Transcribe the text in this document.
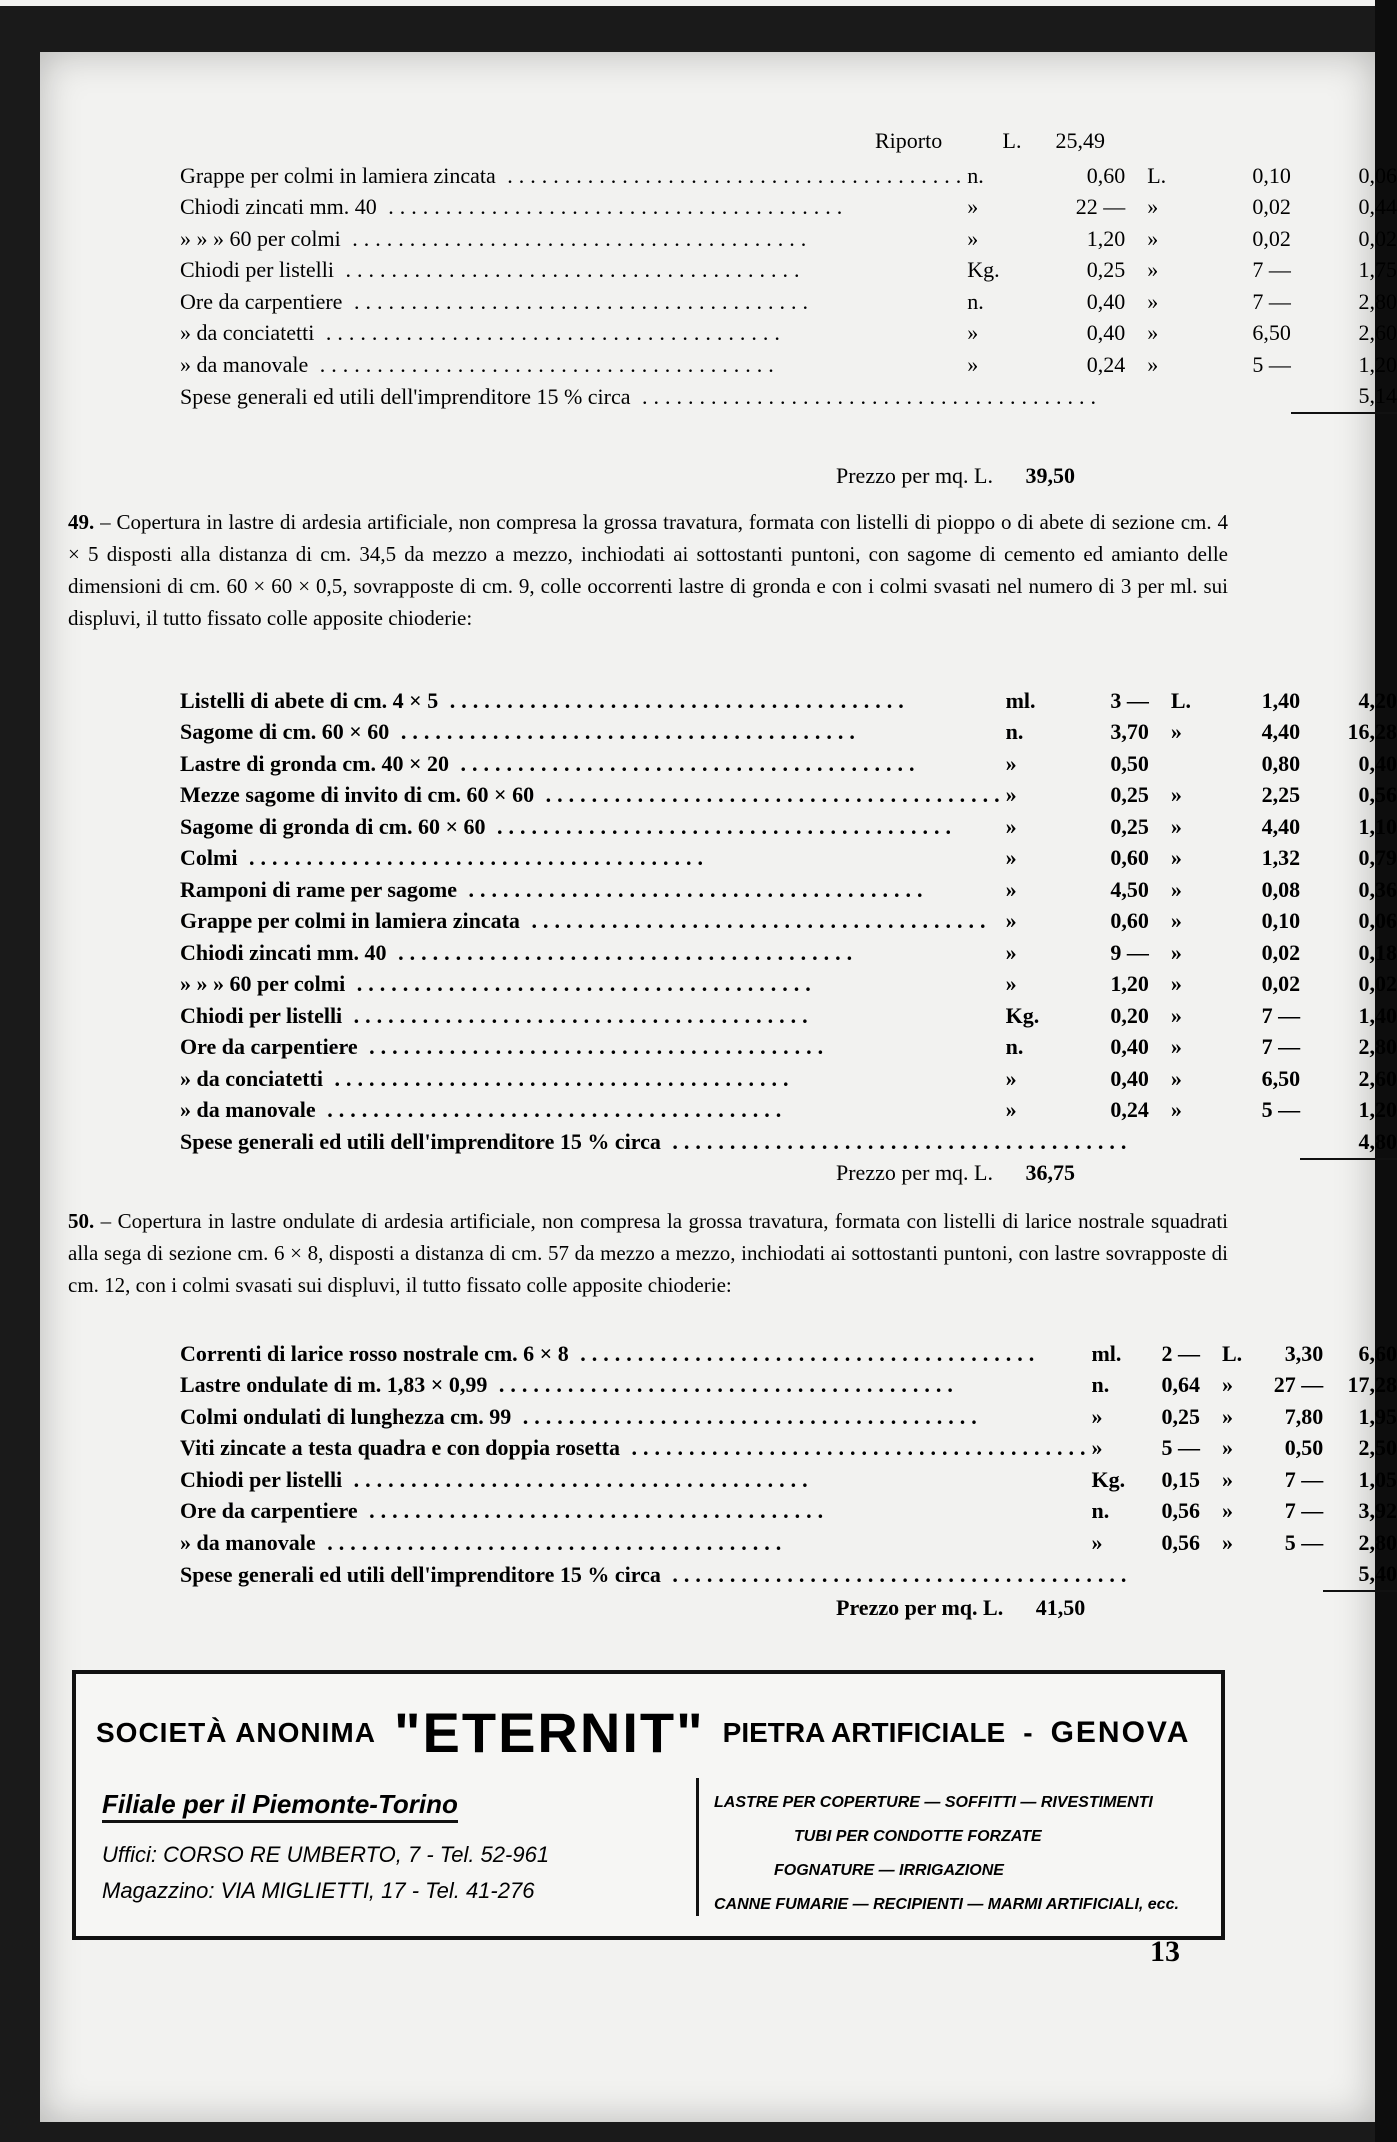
Riporto	L. 25,49
Grappe per colmi in lamiera zincata ........................................	n.	0,60	L.	0,10	0,06
Chiodi zincati mm. 40 ........................................	»	22 —	»	0,02	0,44
» » » 60 per colmi ........................................	»	1,20	»	0,02	0,02
Chiodi per listelli ........................................	Kg.	0,25	»	7 —	1,75
Ore da carpentiere ........................................	n.	0,40	»	7 —	2,80
» da conciatetti ........................................	»	0,40	»	6,50	2,60
» da manovale ........................................	»	0,24	»	5 —	1,20
Spese generali ed utili dell'imprenditore 15 % circa ........................................					5,14
Prezzo per mq. L.	39,50
49. – Copertura in lastre di ardesia artificiale, non compresa la grossa travatura, formata con listelli di pioppo o di abete di sezione cm. 4 × 5 disposti alla distanza di cm. 34,5 da mezzo a mezzo, inchiodati ai sottostanti puntoni, con sagome di cemento ed amianto delle dimensioni di cm. 60 × 60 × 0,5, sovrapposte di cm. 9, colle occorrenti lastre di gronda e con i colmi svasati nel numero di 3 per ml. sui displuvi, il tutto fissato colle apposite chioderie:
Listelli di abete di cm. 4 × 5 ........................................	ml.	3 —	L.	1,40	4,20
Sagome di cm. 60 × 60 ........................................	n.	3,70	»	4,40	16,28
Lastre di gronda cm. 40 × 20 ........................................	»	0,50		0,80	0,40
Mezze sagome di invito di cm. 60 × 60 ........................................	»	0,25	»	2,25	0,56
Sagome di gronda di cm. 60 × 60 ........................................	»	0,25	»	4,40	1,10
Colmi ........................................	»	0,60	»	1,32	0,79
Ramponi di rame per sagome ........................................	»	4,50	»	0,08	0,36
Grappe per colmi in lamiera zincata ........................................	»	0,60	»	0,10	0,06
Chiodi zincati mm. 40 ........................................	»	9 —	»	0,02	0,18
» » » 60 per colmi ........................................	»	1,20	»	0,02	0,02
Chiodi per listelli ........................................	Kg.	0,20	»	7 —	1,40
Ore da carpentiere ........................................	n.	0,40	»	7 —	2,80
» da conciatetti ........................................	»	0,40	»	6,50	2,60
» da manovale ........................................	»	0,24	»	5 —	1,20
Spese generali ed utili dell'imprenditore 15 % circa ........................................					4,80
Prezzo per mq. L.	36,75
50. – Copertura in lastre ondulate di ardesia artificiale, non compresa la grossa travatura, formata con listelli di larice nostrale squadrati alla sega di sezione cm. 6 × 8, disposti a distanza di cm. 57 da mezzo a mezzo, inchiodati ai sottostanti puntoni, con lastre sovrapposte di cm. 12, con i colmi svasati sui displuvi, il tutto fissato colle apposite chioderie:
Correnti di larice rosso nostrale cm. 6 × 8 ........................................	ml.	2 —	L.	3,30	6,60
Lastre ondulate di m. 1,83 × 0,99 ........................................	n.	0,64	»	27 —	17,28
Colmi ondulati di lunghezza cm. 99 ........................................	»	0,25	»	7,80	1,95
Viti zincate a testa quadra e con doppia rosetta ........................................	»	5 —	»	0,50	2,50
Chiodi per listelli ........................................	Kg.	0,15	»	7 —	1,05
Ore da carpentiere ........................................	n.	0,56	»	7 —	3,92
» da manovale ........................................	»	0,56	»	5 —	2,80
Spese generali ed utili dell'imprenditore 15 % circa ........................................					5,40
Prezzo per mq. L.	41,50
SOCIETÀ ANONIMA "ETERNIT" PIETRA ARTIFICIALE - GENOVA
Filiale per il Piemonte-Torino
Uffici: CORSO RE UMBERTO, 7 - Tel. 52-961
Magazzino: VIA MIGLIETTI, 17 - Tel. 41-276
LASTRE PER COPERTURE — SOFFITTI — RIVESTIMENTI
TUBI PER CONDOTTE FORZATE
FOGNATURE — IRRIGAZIONE
CANNE FUMARIE — RECIPIENTI — MARMI ARTIFICIALI, ecc.
13
